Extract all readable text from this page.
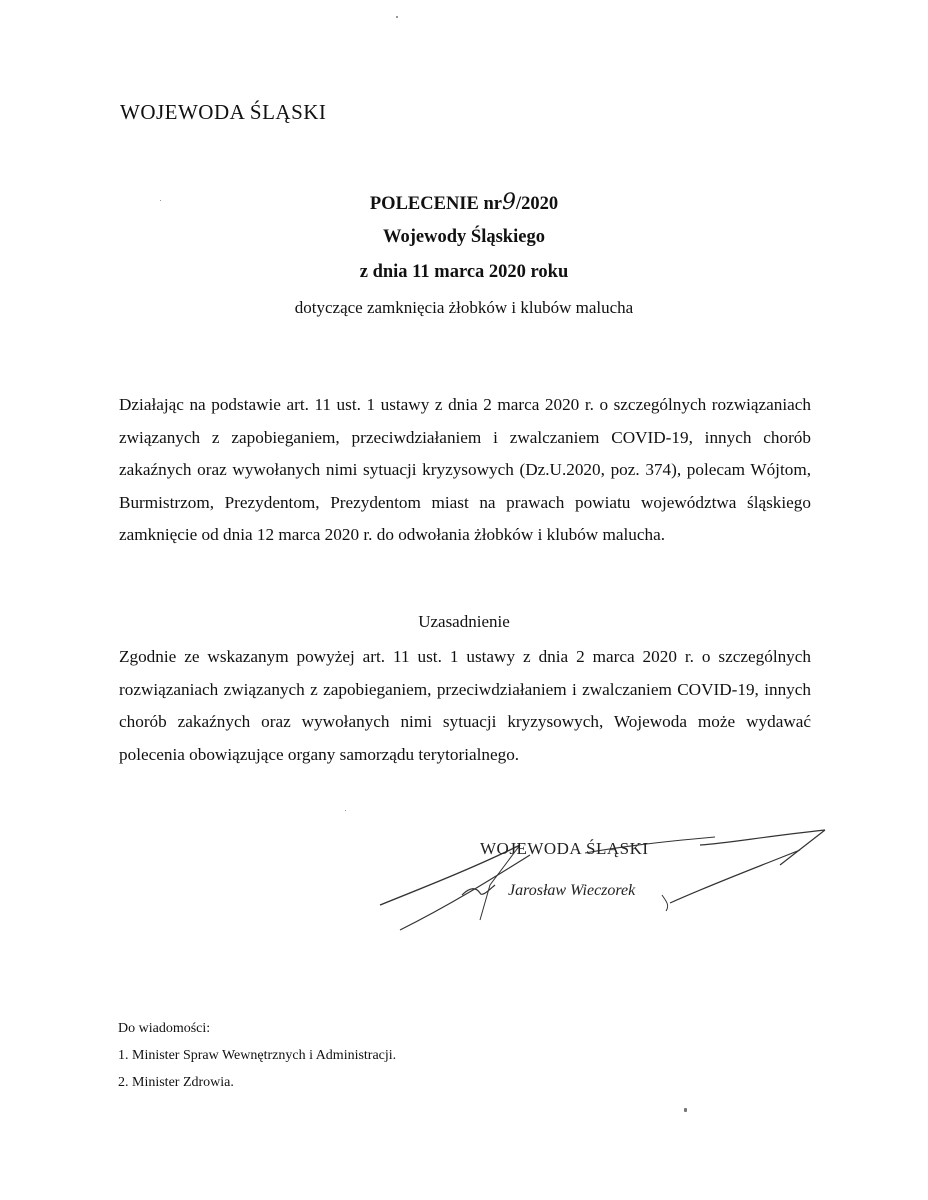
WOJEWODA ŚLĄSKI
POLECENIE nr9/2020
Wojewody Śląskiego
z dnia 11 marca 2020 roku
dotyczące zamknięcia żłobków i klubów malucha
Działając na podstawie art. 11 ust. 1 ustawy z dnia 2 marca 2020 r. o szczególnych rozwiązaniach związanych z zapobieganiem, przeciwdziałaniem i zwalczaniem COVID-19, innych chorób zakaźnych oraz wywołanych nimi sytuacji kryzysowych (Dz.U.2020, poz. 374), polecam Wójtom, Burmistrzom, Prezydentom, Prezydentom miast na prawach powiatu województwa śląskiego zamknięcie od dnia 12 marca 2020 r. do odwołania żłobków i klubów malucha.
Uzasadnienie
Zgodnie ze wskazanym powyżej art. 11 ust. 1 ustawy z dnia 2 marca 2020 r. o szczególnych rozwiązaniach związanych z zapobieganiem, przeciwdziałaniem i zwalczaniem COVID-19, innych chorób zakaźnych oraz wywołanych nimi sytuacji kryzysowych, Wojewoda może wydawać polecenia obowiązujące organy samorządu terytorialnego.
WOJEWODA ŚLĄSKI
Jarosław Wieczorek
Do wiadomości:
1. Minister Spraw Wewnętrznych i Administracji.
2. Minister Zdrowia.
